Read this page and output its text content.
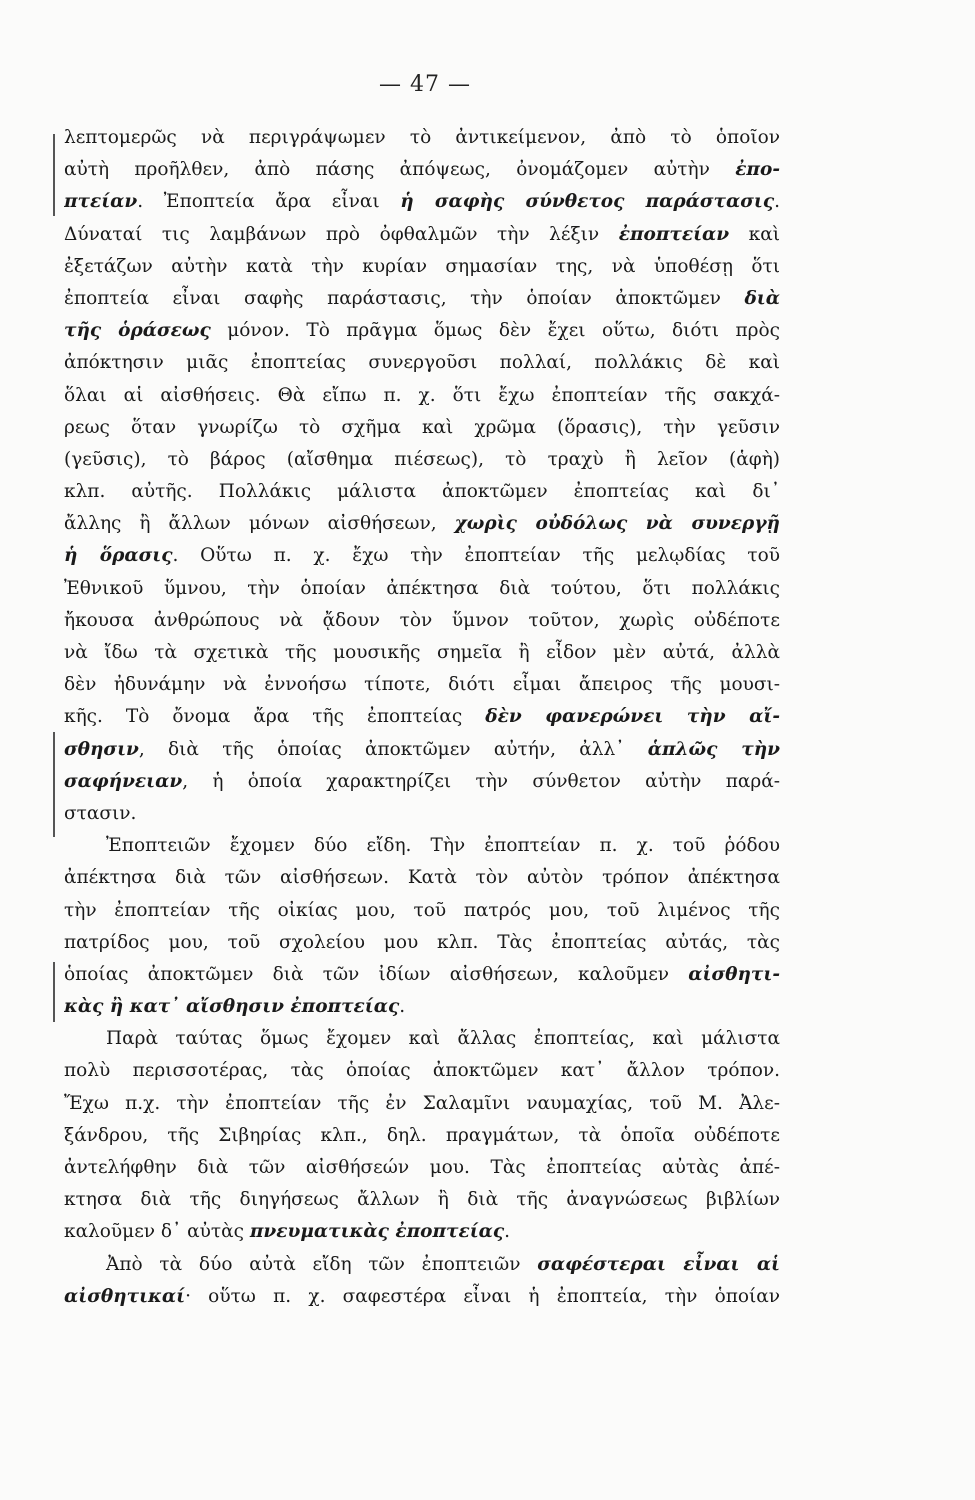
— 47 —
λεπτομερῶς νὰ περιγράψωμεν τὸ ἀντικείμενον, ἀπὸ τὸ ὁποῖον
αὐτὴ προῆλθεν, ἀπὸ πάσης ἀπόψεως, ὀνομάζομεν αὐτὴν ἐπο-
πτείαν. Ἐποπτεία ἄρα εἶναι ἡ σαφὴς σύνθετος παράστασις.
Δύναταί τις λαμβάνων πρὸ ὀφθαλμῶν τὴν λέξιν ἐποπτείαν καὶ
ἐξετάζων αὐτὴν κατὰ τὴν κυρίαν σημασίαν της, νὰ ὑποθέσῃ ὅτι
ἐποπτεία εἶναι σαφὴς παράστασις, τὴν ὁποίαν ἀποκτῶμεν διὰ
τῆς ὁράσεως μόνον. Τὸ πρᾶγμα ὅμως δὲν ἔχει οὕτω, διότι πρὸς
ἀπόκτησιν μιᾶς ἐποπτείας συνεργοῦσι πολλαί, πολλάκις δὲ καὶ
ὅλαι αἱ αἰσθήσεις. Θὰ εἴπω π. χ. ὅτι ἔχω ἐποπτείαν τῆς σακχά-
ρεως ὅταν γνωρίζω τὸ σχῆμα καὶ χρῶμα (ὅρασις), τὴν γεῦσιν
(γεῦσις), τὸ βάρος (αἴσθημα πιέσεως), τὸ τραχὺ ἢ λεῖον (ἁφὴ)
κλπ. αὐτῆς. Πολλάκις μάλιστα ἀποκτῶμεν ἐποπτείας καὶ δι᾽
ἄλλης ἢ ἄλλων μόνων αἰσθήσεων, χωρὶς οὐδόλως νὰ συνεργῇ
ἡ ὅρασις. Οὕτω π. χ. ἔχω τὴν ἐποπτείαν τῆς μελῳδίας τοῦ
Ἐθνικοῦ ὕμνου, τὴν ὁποίαν ἀπέκτησα διὰ τούτου, ὅτι πολλάκις
ἤκουσα ἀνθρώπους νὰ ᾄδουν τὸν ὕμνον τοῦτον, χωρὶς οὐδέποτε
νὰ ἴδω τὰ σχετικὰ τῆς μουσικῆς σημεῖα ἢ εἶδον μὲν αὐτά, ἀλλὰ
δὲν ἠδυνάμην νὰ ἐννοήσω τίποτε, διότι εἶμαι ἄπειρος τῆς μουσι-
κῆς. Τὸ ὄνομα ἄρα τῆς ἐποπτείας δὲν φανερώνει τὴν αἴ-
σθησιν, διὰ τῆς ὁποίας ἀποκτῶμεν αὐτήν, ἀλλ᾽ ἁπλῶς τὴν
σαφήνειαν, ἡ ὁποία χαρακτηρίζει τὴν σύνθετον αὐτὴν παρά-
στασιν.
Ἐποπτειῶν ἔχομεν δύο εἴδη. Τὴν ἐποπτείαν π. χ. τοῦ ῥόδου
ἀπέκτησα διὰ τῶν αἰσθήσεων. Κατὰ τὸν αὐτὸν τρόπον ἀπέκτησα
τὴν ἐποπτείαν τῆς οἰκίας μου, τοῦ πατρός μου, τοῦ λιμένος τῆς
πατρίδος μου, τοῦ σχολείου μου κλπ. Τὰς ἐποπτείας αὐτάς, τὰς
ὁποίας ἀποκτῶμεν διὰ τῶν ἰδίων αἰσθήσεων, καλοῦμεν αἰσθητι-
κὰς ἢ κατ᾽ αἴσθησιν ἐποπτείας.
Παρὰ ταύτας ὅμως ἔχομεν καὶ ἄλλας ἐποπτείας, καὶ μάλιστα
πολὺ περισσοτέρας, τὰς ὁποίας ἀποκτῶμεν κατ᾽ ἄλλον τρόπον.
Ἔχω π.χ. τὴν ἐποπτείαν τῆς ἐν Σαλαμῖνι ναυμαχίας, τοῦ Μ. Ἀλε-
ξάνδρου, τῆς Σιβηρίας κλπ., δηλ. πραγμάτων, τὰ ὁποῖα οὐδέποτε
ἀντελήφθην διὰ τῶν αἰσθήσεών μου. Τὰς ἐποπτείας αὐτὰς ἀπέ-
κτησα διὰ τῆς διηγήσεως ἄλλων ἢ διὰ τῆς ἀναγνώσεως βιβλίων
καλοῦμεν δ᾽ αὐτὰς πνευματικὰς ἐποπτείας.
Ἀπὸ τὰ δύο αὐτὰ εἴδη τῶν ἐποπτειῶν σαφέστεραι εἶναι αἱ
αἰσθητικαί· οὕτω π. χ. σαφεστέρα εἶναι ἡ ἐποπτεία, τὴν ὁποίαν
